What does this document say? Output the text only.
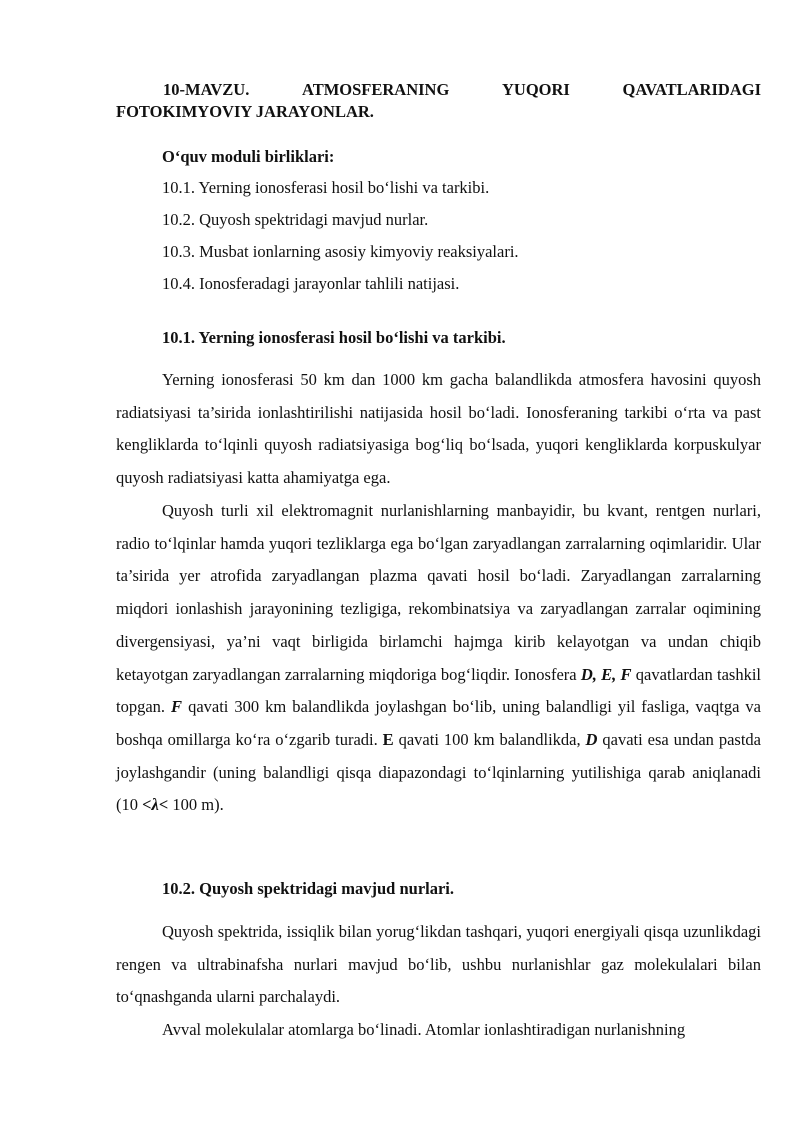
10-MAVZU.	ATMOSFERANING	YUQORI	QAVATLARIDAGI
FOTOKIMYOVIY JARAYONLAR.
O‘quv moduli birliklari:
10.1. Yerning ionosferasi hosil bo‘lishi va tarkibi.
10.2. Quyosh spektridagi mavjud nurlar.
10.3. Musbat ionlarning asosiy kimyoviy reaksiyalari.
10.4. Ionosferadagi jarayonlar tahlili natijasi.
10.1. Yerning ionosferasi hosil bo‘lishi va tarkibi.
Yerning ionosferasi 50 km dan 1000 km gacha balandlikda atmosfera havosini quyosh radiatsiyasi ta’sirida ionlashtirilishi natijasida hosil bo‘ladi. Ionosferaning tarkibi o‘rta va past kengliklarda to‘lqinli quyosh radiatsiyasiga bog‘liq bo‘lsada, yuqori kengliklarda korpuskulyar quyosh radiatsiyasi katta ahamiyatga ega.
Quyosh turli xil elektromagnit nurlanishlarning manbayidir, bu kvant, rentgen nurlari, radio to‘lqinlar hamda yuqori tezliklarga ega bo‘lgan zaryadlangan zarralarning oqimlaridir. Ular ta’sirida yer atrofida zaryadlangan plazma qavati hosil bo‘ladi. Zaryadlangan zarralarning miqdori ionlashish jarayonining tezligiga, rekombinatsiya va zaryadlangan zarralar oqimining divergensiyasi, ya’ni vaqt birligida birlamchi hajmga kirib kelayotgan va undan chiqib ketayotgan zaryadlangan zarralarning miqdoriga bog‘liqdir. Ionosfera D, E, F qavatlardan tashkil topgan. F qavati 300 km balandlikda joylashgan bo‘lib, uning balandligi yil fasliga, vaqtga va boshqa omillarga ko‘ra o‘zgarib turadi. E qavati 100 km balandlikda, D qavati esa undan pastda joylashgandir (uning balandligi qisqa diapazondagi to‘lqinlarning yutilishiga qarab aniqlanadi (10 <λ< 100 m).
10.2. Quyosh spektridagi mavjud nurlari.
Quyosh spektrida, issiqlik bilan yorug‘likdan tashqari, yuqori energiyali qisqa uzunlikdagi rengen va ultrabinafsha nurlari mavjud bo‘lib, ushbu nurlanishlar gaz molekulalari bilan to‘qnashganda ularni parchalaydi.
Avval molekulalar atomlarga bo‘linadi. Atomlar ionlashtiradigan nurlanishning
